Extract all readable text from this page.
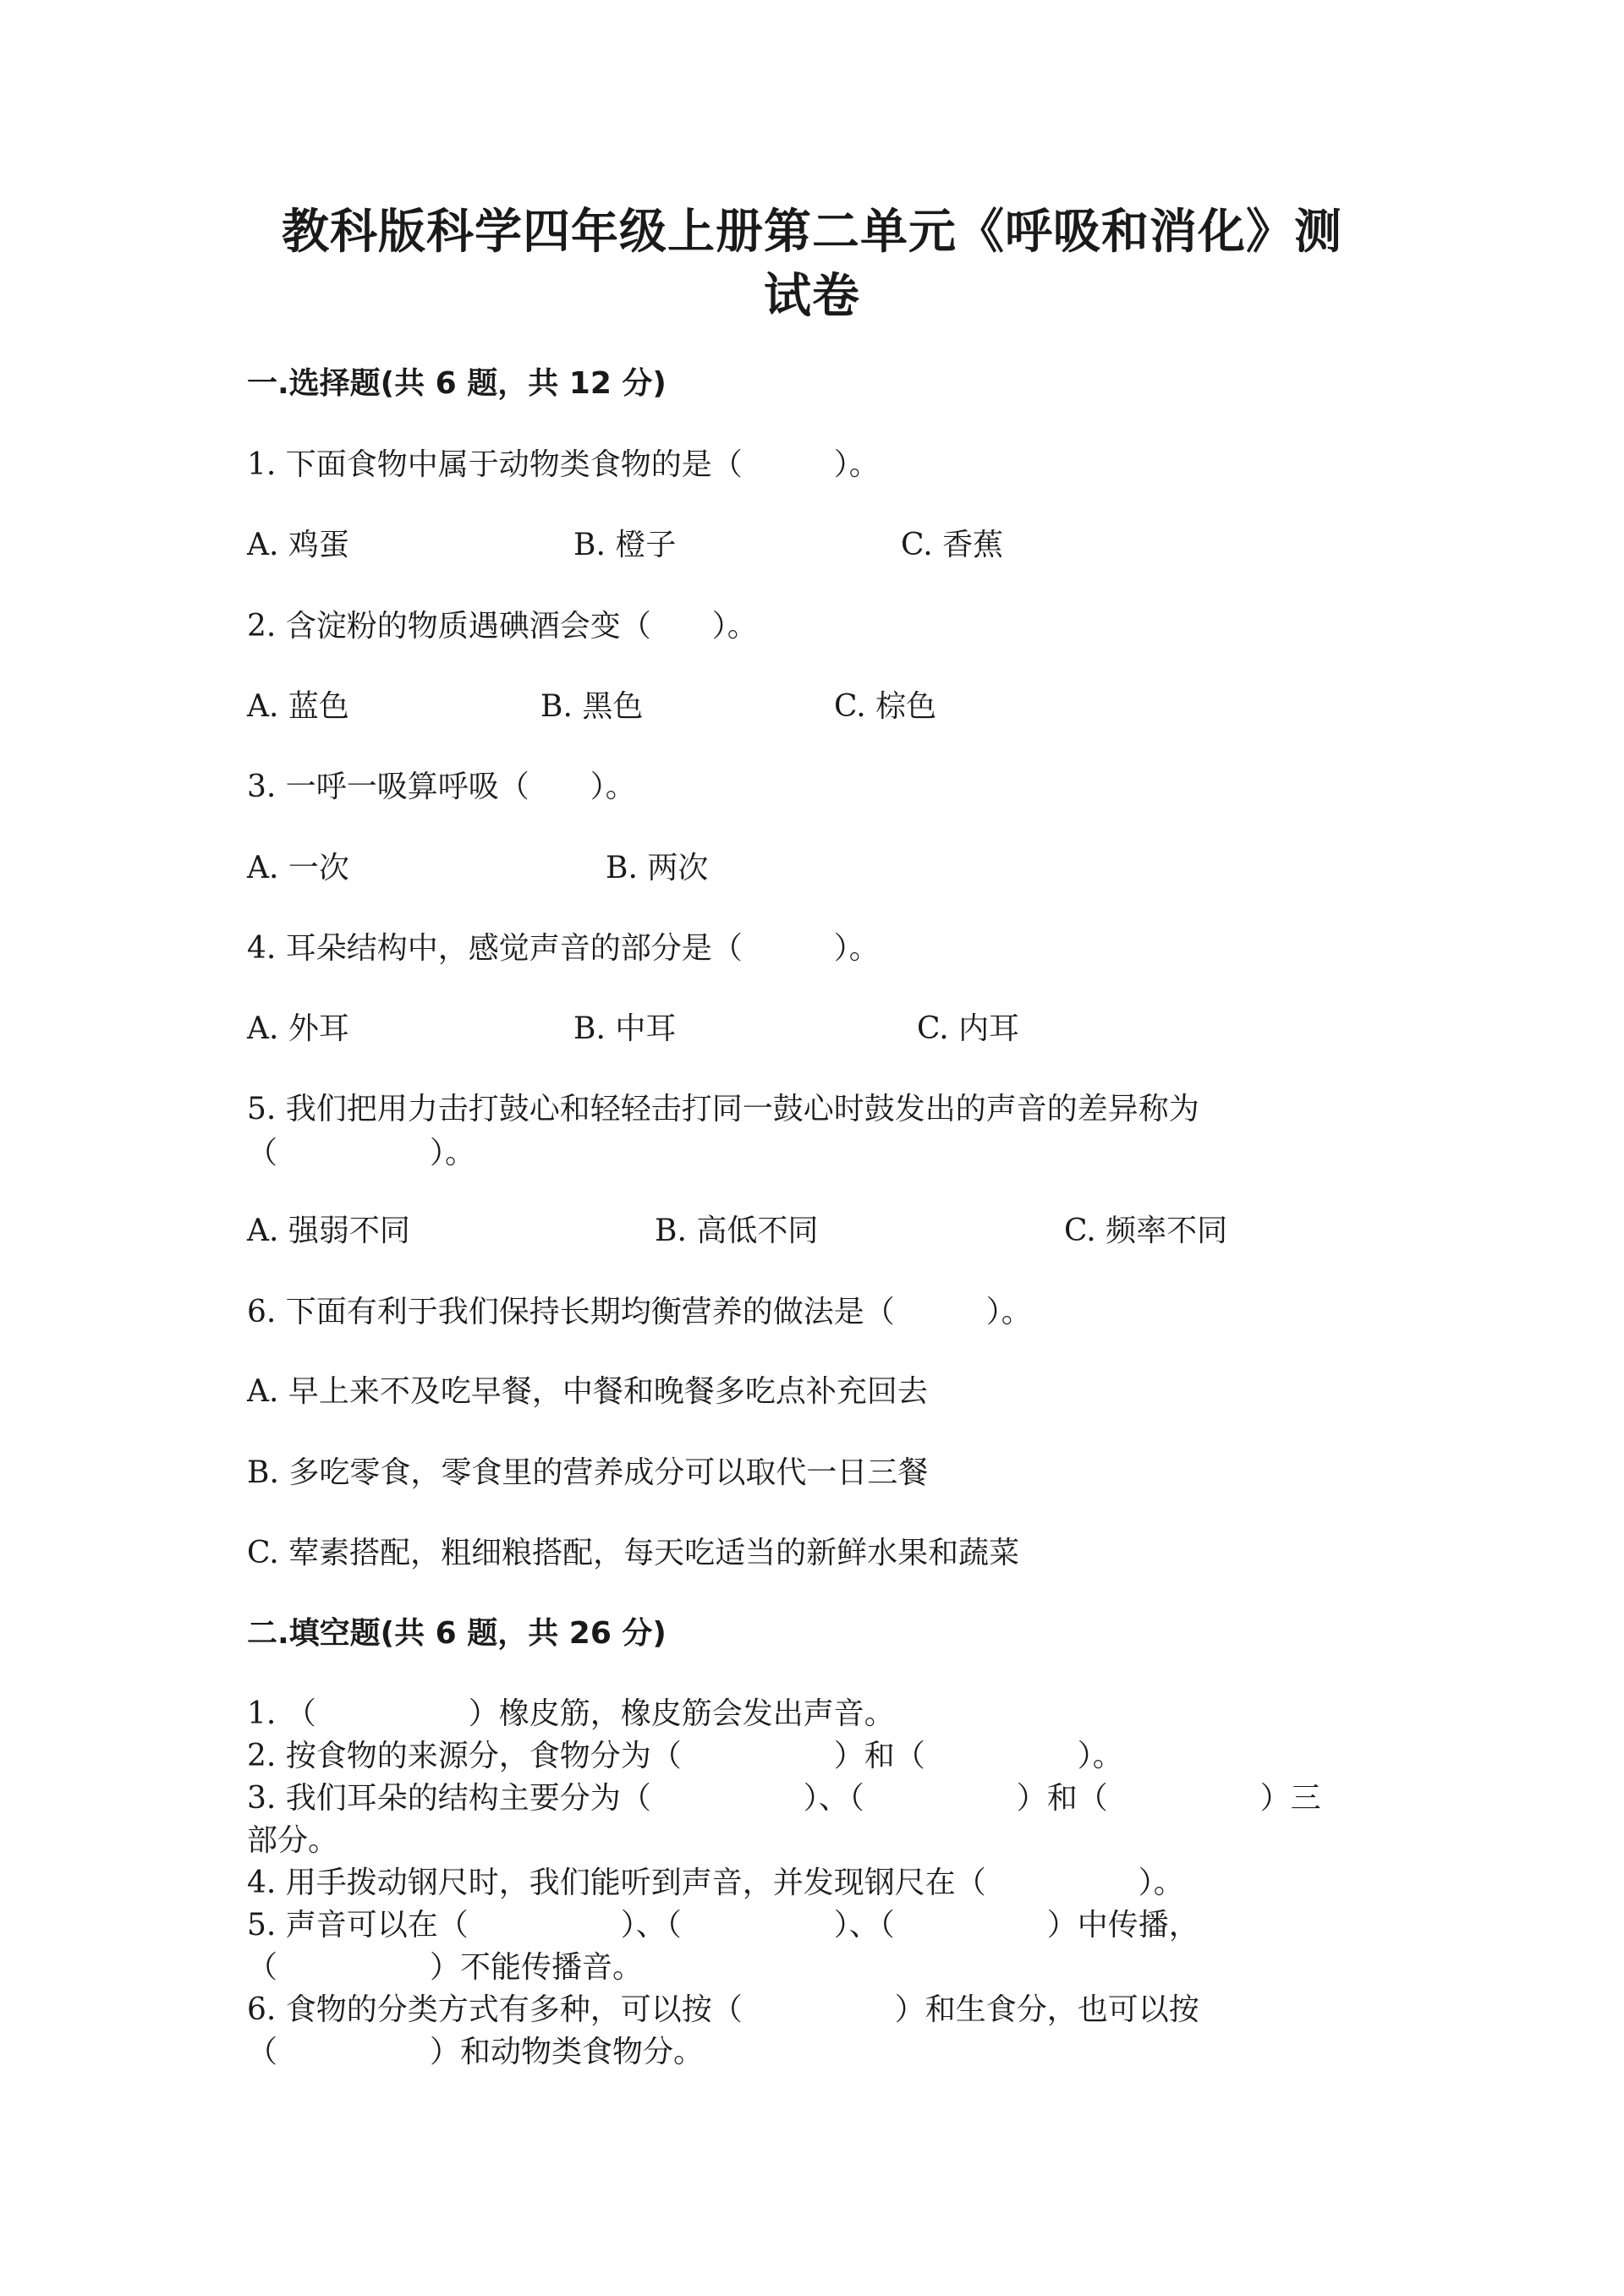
教科版科学四年级上册第二单元《呼吸和消化》测
试卷
一.选择题(共 6 题，共 12 分)
1. 下面食物中属于动物类食物的是（　　　）。
A. 鸡蛋	B. 橙子	C. 香蕉
2. 含淀粉的物质遇碘酒会变（　　）。
A. 蓝色	B. 黑色	C. 棕色
3. 一呼一吸算呼吸（　　）。
A. 一次	B. 两次
4. 耳朵结构中，感觉声音的部分是（　　　）。
A. 外耳	B. 中耳	C. 内耳
5. 我们把用力击打鼓心和轻轻击打同一鼓心时鼓发出的声音的差异称为
（　　　　　）。
A. 强弱不同	B. 高低不同	C. 频率不同
6. 下面有利于我们保持长期均衡营养的做法是（　　　）。
A. 早上来不及吃早餐，中餐和晚餐多吃点补充回去
B. 多吃零食，零食里的营养成分可以取代一日三餐
C. 荤素搭配，粗细粮搭配，每天吃适当的新鲜水果和蔬菜
二.填空题(共 6 题，共 26 分)
1. （　　　　　）橡皮筋，橡皮筋会发出声音。
2. 按食物的来源分，食物分为（　　　　　）和（　　　　　）。
3. 我们耳朵的结构主要分为（　　　　　）、（　　　　　）和（　　　　　）三
部分。
4. 用手拨动钢尺时，我们能听到声音，并发现钢尺在（　　　　　）。
5. 声音可以在（　　　　　）、（　　　　　）、（　　　　　）中传播，
（　　　　　）不能传播音。
6. 食物的分类方式有多种，可以按（　　　　　）和生食分，也可以按
（　　　　　）和动物类食物分。
